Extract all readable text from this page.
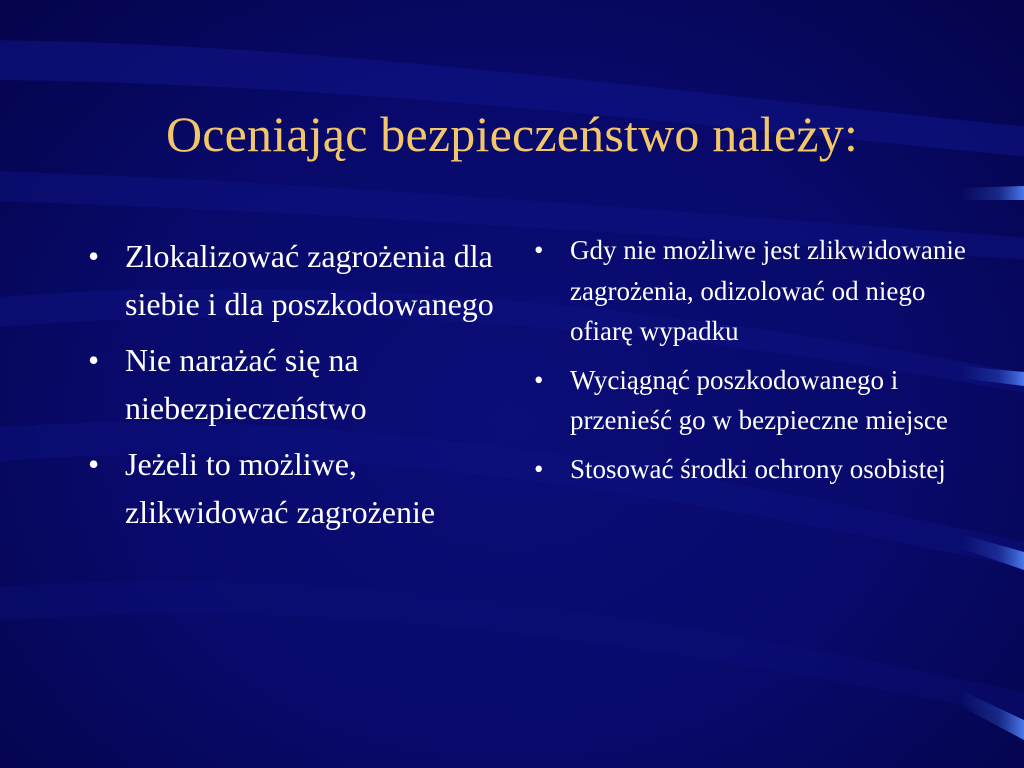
Oceniając bezpieczeństwo należy:
• Zlokalizować zagrożenia dla siebie i dla poszkodowanego
• Nie narażać się na niebezpieczeństwo
• Jeżeli to możliwe, zlikwidować zagrożenie
• Gdy nie możliwe jest zlikwidowanie zagrożenia, odizolować od niego ofiarę wypadku
• Wyciągnąć poszkodowanego i przenieść go w bezpieczne miejsce
• Stosować środki ochrony osobistej
